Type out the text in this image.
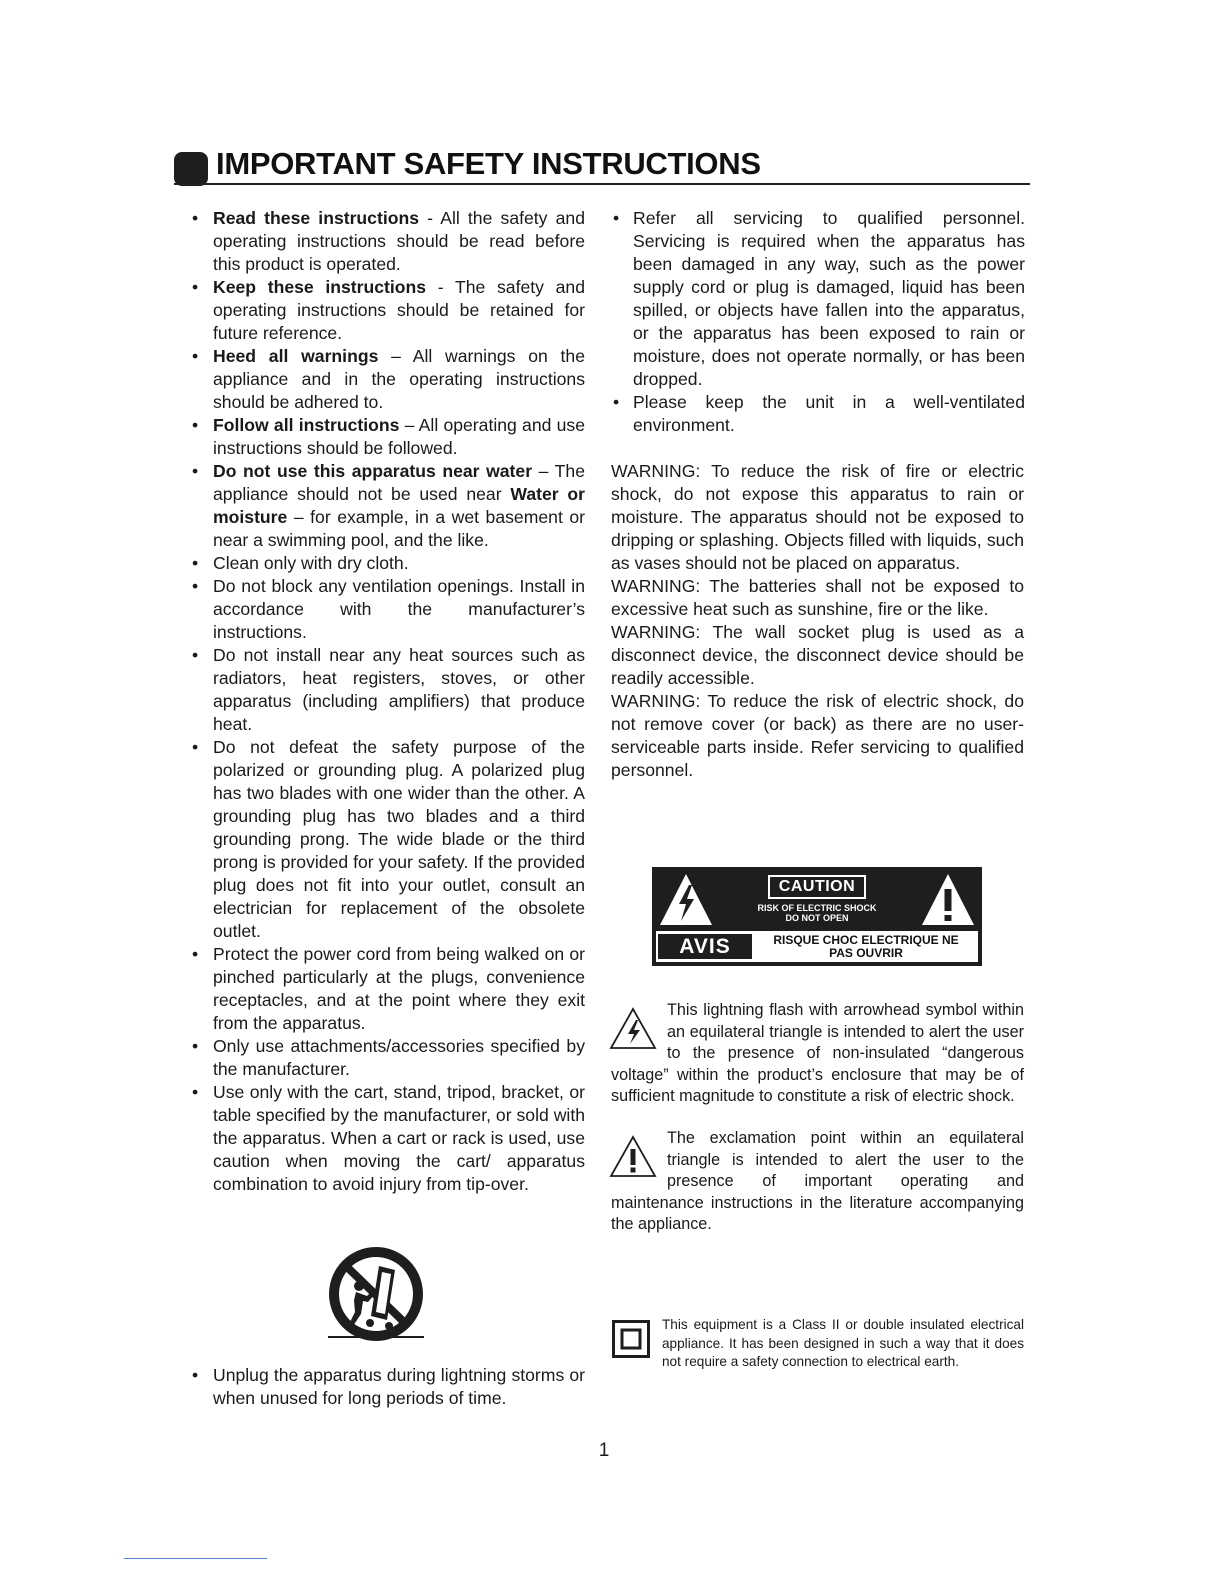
IMPORTANT SAFETY INSTRUCTIONS
• Read these instructions - All the safety and operating instructions should be read before this product is operated.
• Keep these instructions - The safety and operating instructions should be retained for future reference.
• Heed all warnings – All warnings on the appliance and in the operating instructions should be adhered to.
• Follow all instructions – All operating and use instructions should be followed.
• Do not use this apparatus near water – The appliance should not be used near Water or moisture – for example, in a wet basement or near a swimming pool, and the like.
• Clean only with dry cloth.
• Do not block any ventilation openings. Install in accordance with the manufacturer’s instructions.
• Do not install near any heat sources such as radiators, heat registers, stoves, or other apparatus (including amplifiers) that produce heat.
• Do not defeat the safety purpose of the polarized or grounding plug. A polarized plug has two blades with one wider than the other. A grounding plug has two blades and a third grounding prong. The wide blade or the third prong is provided for your safety. If the provided plug does not fit into your outlet, consult an electrician for replacement of the obsolete outlet.
• Protect the power cord from being walked on or pinched particularly at the plugs, convenience receptacles, and at the point where they exit from the apparatus.
• Only use attachments/accessories specified by the manufacturer.
• Use only with the cart, stand, tripod, bracket, or table specified by the manufacturer, or sold with the apparatus. When a cart or rack is used, use caution when moving the cart/ apparatus combination to avoid injury from tip-over.
• Unplug the apparatus during lightning storms or when unused for long periods of time.
• Refer all servicing to qualified personnel. Servicing is required when the apparatus has been damaged in any way, such as the power supply cord or plug is damaged, liquid has been spilled, or objects have fallen into the apparatus, or the apparatus has been exposed to rain or moisture, does not operate normally, or has been dropped.
• Please keep the unit in a well-ventilated environment.

WARNING: To reduce the risk of fire or electric shock, do not expose this apparatus to rain or moisture. The apparatus should not be exposed to dripping or splashing. Objects filled with liquids, such as vases should not be placed on apparatus.

WARNING: The batteries shall not be exposed to excessive heat such as sunshine, fire or the like.

WARNING: The wall socket plug is used as a disconnect device, the disconnect device should be readily accessible.

WARNING: To reduce the risk of electric shock, do not remove cover (or back) as there are no user-serviceable parts inside. Refer servicing to qualified personnel.

CAUTION
RISK OF ELECTRIC SHOCK
DO NOT OPEN
AVIS	RISQUE CHOC ELECTRIQUE NE
PAS OUVRIR

This lightning flash with arrowhead symbol within an equilateral triangle is intended to alert the user to the presence of non-insulated “dangerous voltage” within the product’s enclosure that may be of sufficient magnitude to constitute a risk of electric shock.

The exclamation point within an equilateral triangle is intended to alert the user to the presence of important operating and maintenance instructions in the literature accompanying the appliance.

This equipment is a Class II or double insulated electrical appliance. It has been designed in such a way that it does not require a safety connection to electrical earth.

1
